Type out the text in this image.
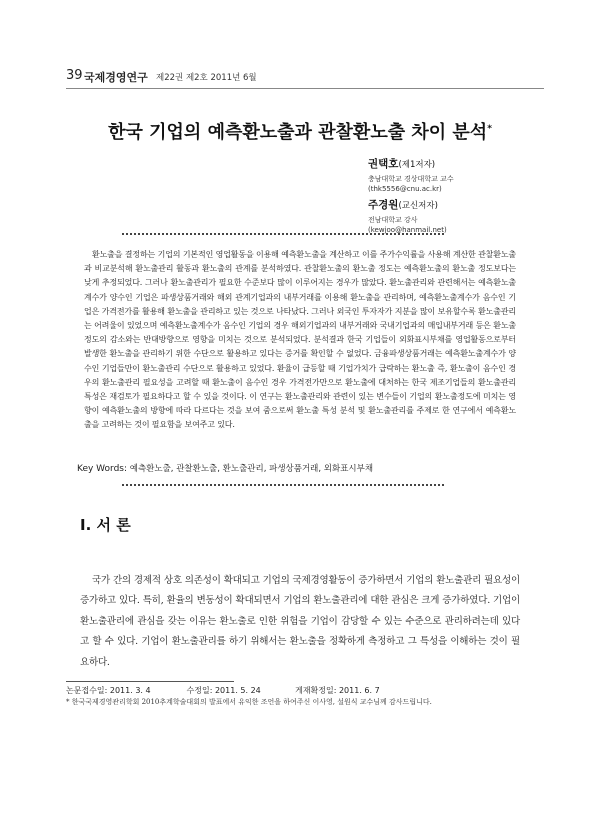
39 국제경영연구 제22권 제2호 2011년 6월
한국 기업의 예측환노출과 관찰환노출 차이 분석*
권택호(제1저자)
충남대학교 경상대학교 교수
(thk5556@cnu.ac.kr)
주경원(교신저자)
전남대학교 강사
(kewjoo@hanmail.net)
환노출을 결정하는 기업의 기본적인 영업활동을 이용해 예측환노출을 계산하고 이를 주가수익률을 사용해 계산한 관찰환노출과 비교분석해 환노출관리 활동과 환노출의 관계를 분석하였다. 관찰환노출의 환노출 정도는 예측환노출의 환노출 정도보다는 낮게 추정되었다. 그러나 환노출관리가 필요한 수준보다 많이 이루어지는 경우가 많았다. 환노출관리와 관련해서는 예측환노출계수가 양수인 기업은 파생상품거래와 해외 관계기업과의 내부거래를 이용해 환노출을 관리하며, 예측환노출계수가 음수인 기업은 가격전가를 활용해 환노출을 관리하고 있는 것으로 나타났다. 그러나 외국인 투자자가 지분을 많이 보유할수록 환노출관리는 어려울이 있었으며 예측환노출계수가 음수인 기업의 경우 해외기업과의 내부거래와 국내기업과의 매입내부거래 등은 환노출정도의 감소와는 반대방향으로 영향을 미치는 것으로 분석되었다. 분석결과 한국 기업들이 외화표시부채를 영업활동으로부터 발생한 환노출을 관리하기 위한 수단으로 활용하고 있다는 증거를 확인할 수 없었다. 금융파생상품거래는 예측환노출계수가 양수인 기업들만이 환노출관리 수단으로 활용하고 있었다. 환율이 급등할 때 기업가치가 급락하는 환노출 즉, 환노출이 음수인 경우의 환노출관리 필요성을 고려할 때 환노출이 음수인 경우 가격전가만으로 환노출에 대처하는 한국 제조기업들의 환노출관리 특성은 재검토가 필요하다고 할 수 있을 것이다. 이 연구는 환노출관리와 관련이 있는 변수들이 기업의 환노출정도에 미치는 영향이 예측환노출의 방향에 따라 다르다는 것을 보여 줌으로써 환노출 특성 분석 및 환노출관리를 주제로 한 연구에서 예측환노출을 고려하는 것이 필요함을 보여주고 있다.
Key Words: 예측환노출, 관찰환노출, 환노출관리, 파생상품거래, 외화표시부채
Ⅰ. 서 론
국가 간의 경제적 상호 의존성이 확대되고 기업의 국제경영활동이 증가하면서 기업의 환노출관리 필요성이 증가하고 있다. 특히, 환율의 변동성이 확대되면서 기업의 환노출관리에 대한 관심은 크게 증가하였다. 기업이 환노출관리에 관심을 갖는 이유는 환노출로 인한 위험을 기업이 감당할 수 있는 수준으로 관리하려는데 있다고 할 수 있다. 기업이 환노출관리를 하기 위해서는 환노출을 정확하게 측정하고 그 특성을 이해하는 것이 필요하다.
논문접수일: 2011. 3. 4	수정일: 2011. 5. 24	게재확정일: 2011. 6. 7
* 한국국제경영관리학회 2010추계학술대회의 발표에서 유익한 조언을 하여주신 이사영, 설원식 교수님께 감사드립니다.
